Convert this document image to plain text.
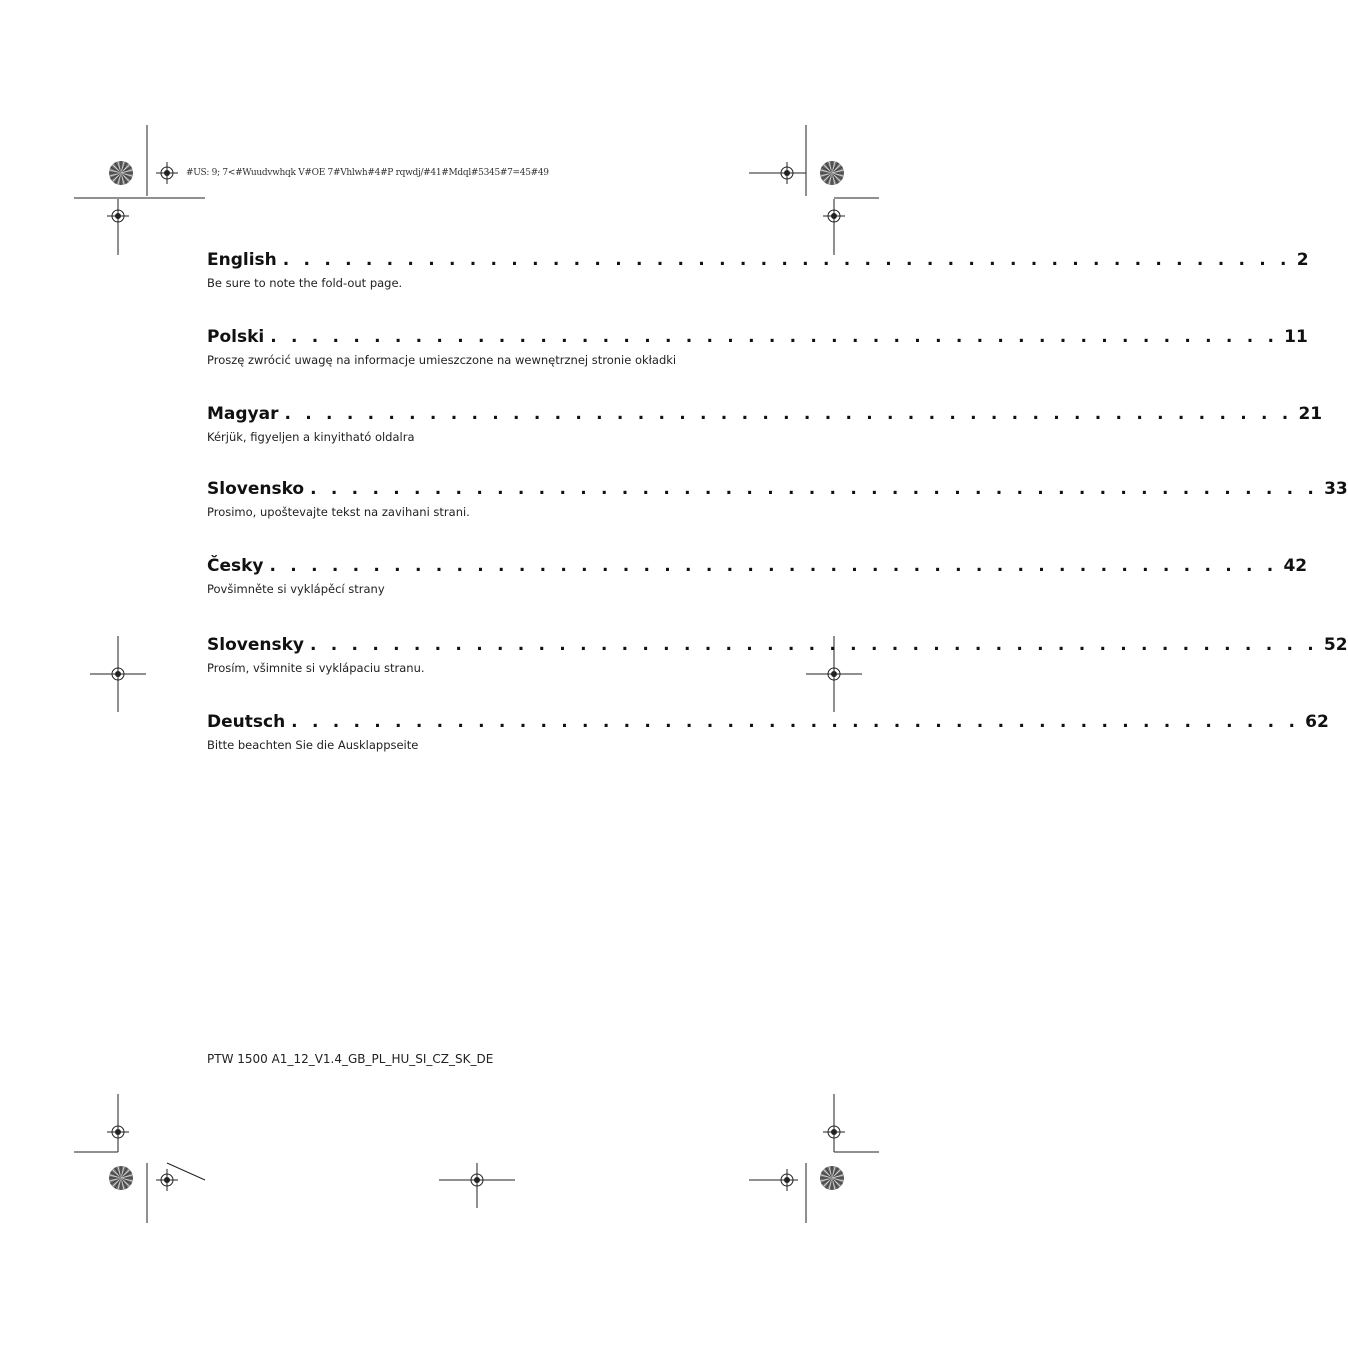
#US: 9; 7<#Wuudvwhqk V#OE 7#Vhlwh#4#P rqwdj/#41#Mdql#5345#7=45#49
English . . . . . . . . . . . . . . . . . . . . . . . . . . . . . . . . . . . . . . . . . . . . . . . . . 2
Be sure to note the fold-out page.
Polski . . . . . . . . . . . . . . . . . . . . . . . . . . . . . . . . . . . . . . . . . . . . . . . . . 11
Proszę zwrócić uwagę na informacje umieszczone na wewnętrznej stronie okładki
Magyar . . . . . . . . . . . . . . . . . . . . . . . . . . . . . . . . . . . . . . . . . . . . . . . . . 21
Kérjük, figyeljen a kinyitható oldalra
Slovensko . . . . . . . . . . . . . . . . . . . . . . . . . . . . . . . . . . . . . . . . . . . . . . . . . 33
Prosimo, upoštevajte tekst na zavihani strani.
Česky . . . . . . . . . . . . . . . . . . . . . . . . . . . . . . . . . . . . . . . . . . . . . . . . . 42
Povšimněte si vyklápěcí strany
Slovensky . . . . . . . . . . . . . . . . . . . . . . . . . . . . . . . . . . . . . . . . . . . . . . . . . 52
Prosím, všimnite si vyklápaciu stranu.
Deutsch . . . . . . . . . . . . . . . . . . . . . . . . . . . . . . . . . . . . . . . . . . . . . . . . . 62
Bitte beachten Sie die Ausklappseite
PTW 1500 A1_12_V1.4_GB_PL_HU_SI_CZ_SK_DE
